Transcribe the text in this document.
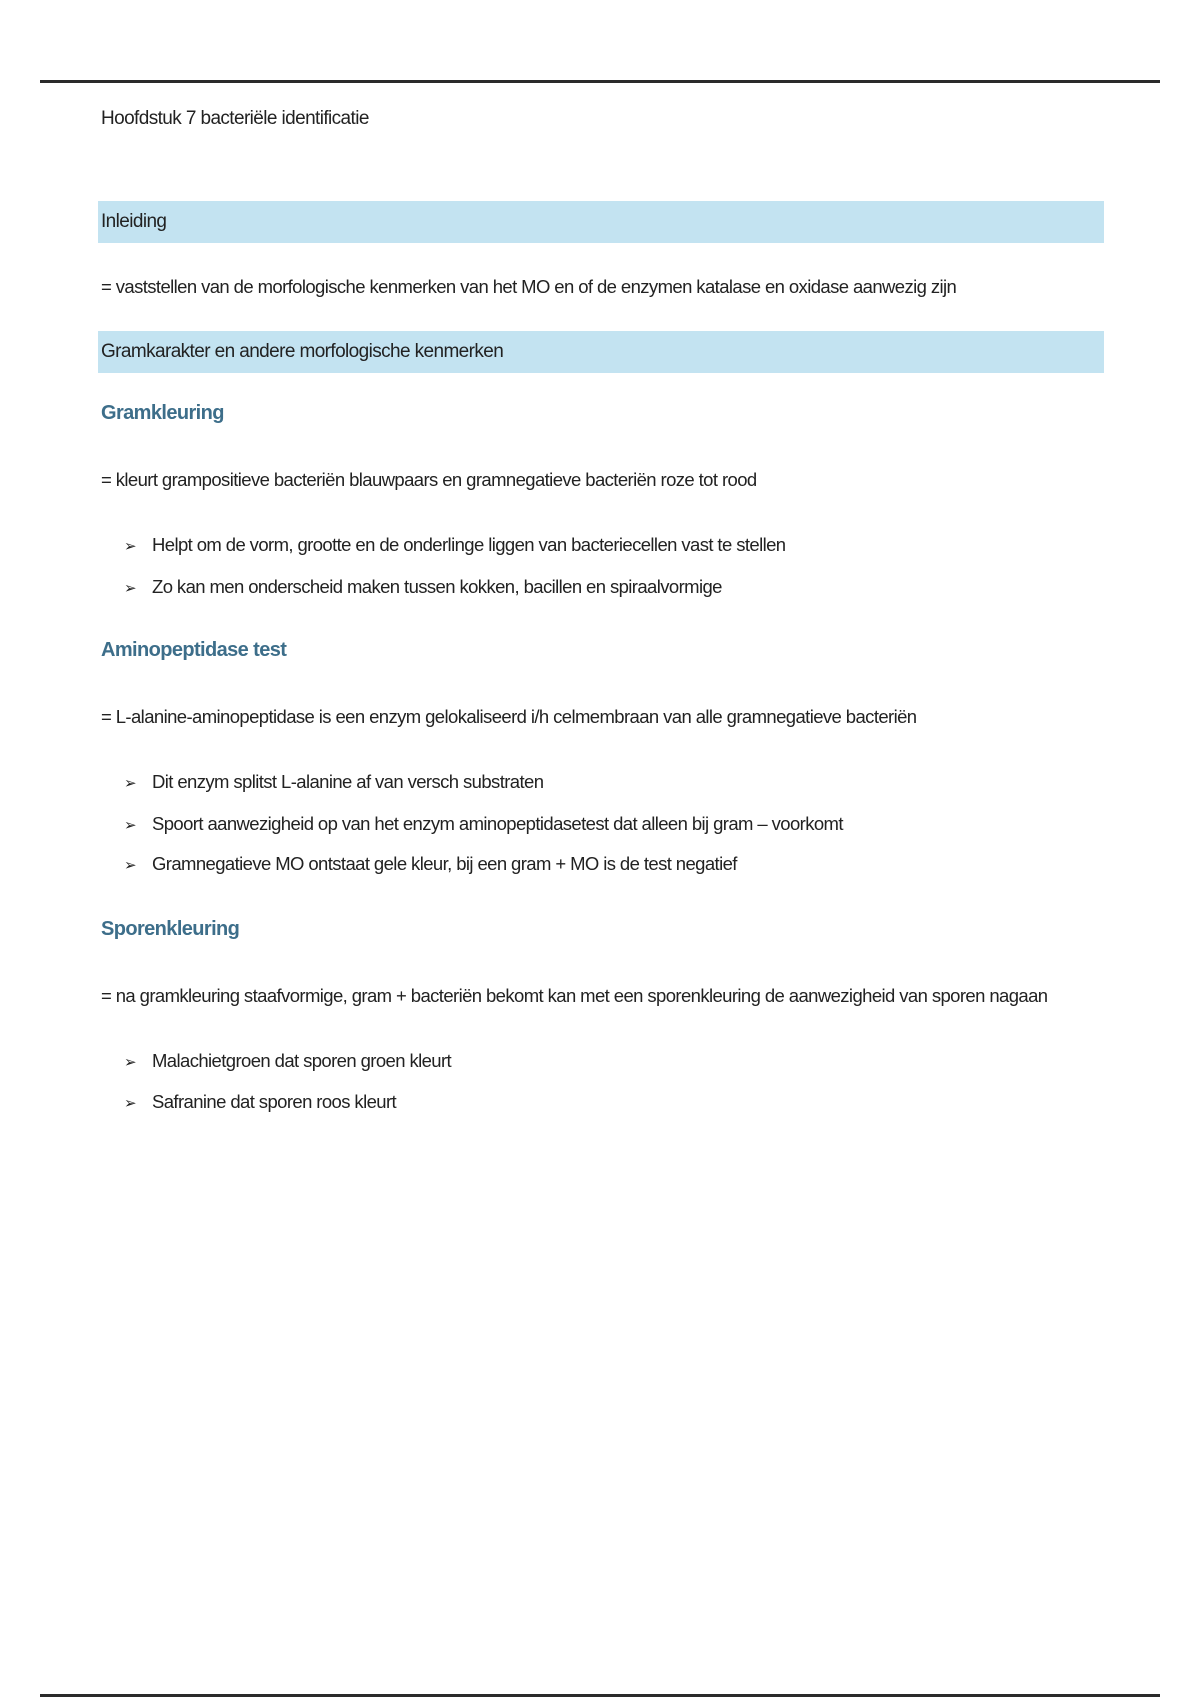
Hoofdstuk 7 bacteriële identificatie
Inleiding
= vaststellen van de morfologische kenmerken van het MO en of de enzymen katalase en oxidase aanwezig zijn
Gramkarakter en andere morfologische kenmerken
Gramkleuring
= kleurt grampositieve bacteriën blauwpaars en gramnegatieve bacteriën roze tot rood
➢ Helpt om de vorm, grootte en de onderlinge liggen van bacteriecellen vast te stellen
➢ Zo kan men onderscheid maken tussen kokken, bacillen en spiraalvormige
Aminopeptidase test
= L-alanine-aminopeptidase is een enzym gelokaliseerd i/h celmembraan van alle gramnegatieve bacteriën
➢ Dit enzym splitst L-alanine af van versch substraten
➢ Spoort aanwezigheid op van het enzym aminopeptidasetest dat alleen bij gram – voorkomt
➢ Gramnegatieve MO ontstaat gele kleur, bij een gram + MO is de test negatief
Sporenkleuring
= na gramkleuring staafvormige, gram + bacteriën bekomt kan met een sporenkleuring de aanwezigheid van sporen nagaan
➢ Malachietgroen dat sporen groen kleurt
➢ Safranine dat sporen roos kleurt
